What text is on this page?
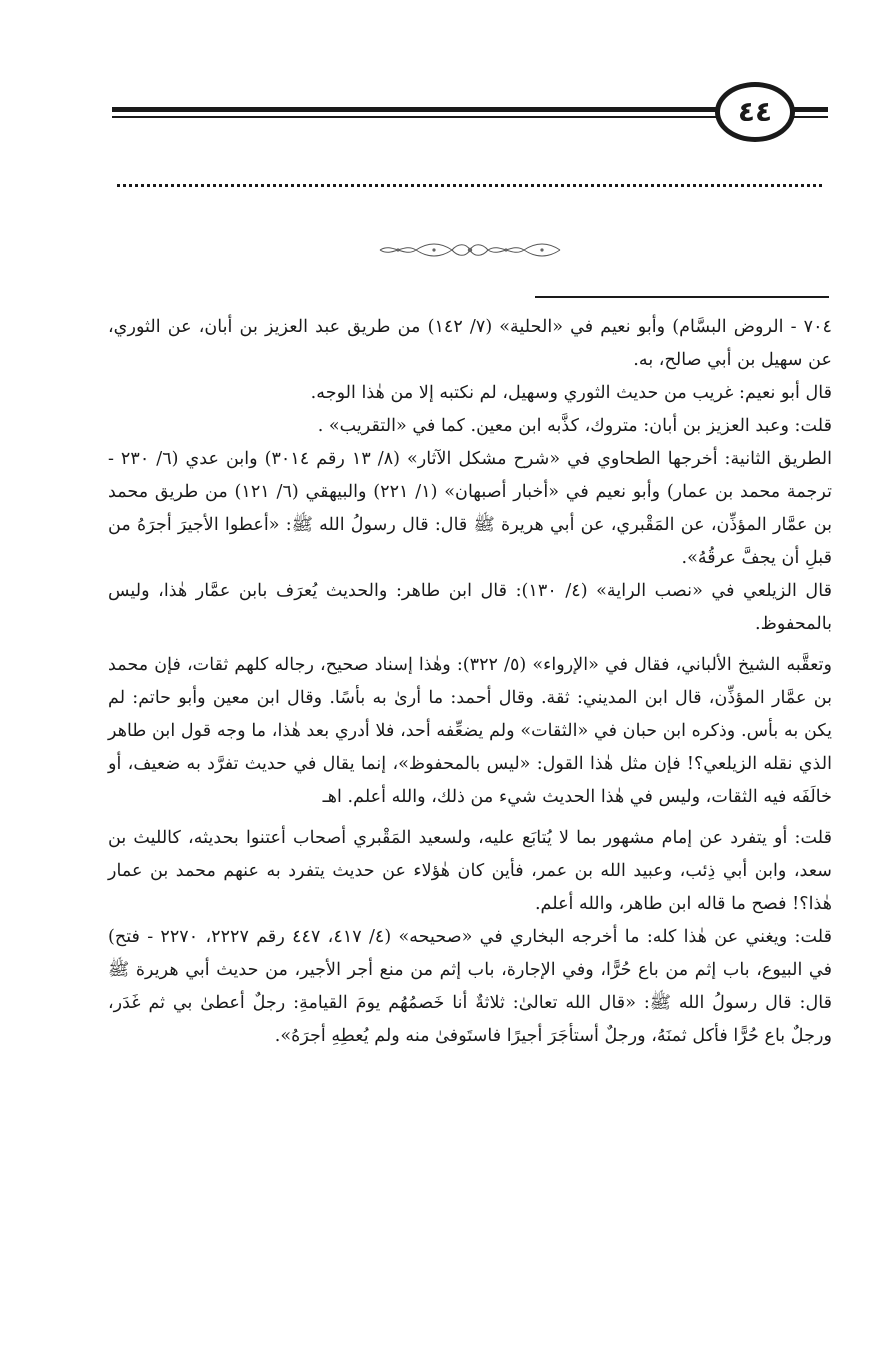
٤٤

٧٠٤ - الروض البسَّام) وأبو نعيم في «الحلية» (٧/ ١٤٢) من طريق عبد العزيز بن أبان، عن الثوري، عن سهيل بن أبي صالح، به.

قال أبو نعيم: غريب من حديث الثوري وسهيل، لم نكتبه إلا من هٰذا الوجه.

قلت: وعبد العزيز بن أبان: متروك، كذَّبه ابن معين. كما في «التقريب» .

الطريق الثانية: أخرجها الطحاوي في «شرح مشكل الآثار» (٨/ ١٣ رقم ٣٠١٤) وابن عدي (٦/ ٢٣٠ - ترجمة محمد بن عمار) وأبو نعيم في «أخبار أصبهان» (١/ ٢٢١) والبيهقي (٦/ ١٢١) من طريق محمد بن عمَّار المؤذِّن، عن المَقْبري، عن أبي هريرة ﷺ قال: قال رسولُ الله ﷺ: «أعطوا الأجيرَ أجرَهُ من قبلِ أن يجفَّ عرقُهُ».

قال الزيلعي في «نصب الراية» (٤/ ١٣٠): قال ابن طاهر: والحديث يُعرَف بابن عمَّار هٰذا، وليس بالمحفوظ.

وتعقَّبه الشيخ الألباني، فقال في «الإرواء» (٥/ ٣٢٢): وهٰذا إسناد صحيح، رجاله كلهم ثقات، فإن محمد بن عمَّار المؤذِّن، قال ابن المديني: ثقة. وقال أحمد: ما أرىٰ به بأسًا. وقال ابن معين وأبو حاتم: لم يكن به بأس. وذكره ابن حبان في «الثقات» ولم يضعِّفه أحد، فلا أدري بعد هٰذا، ما وجه قول ابن طاهر الذي نقله الزيلعي؟! فإن مثل هٰذا القول: «ليس بالمحفوظ»، إنما يقال في حديث تفرَّد به ضعيف، أو خالَفَه فيه الثقات، وليس في هٰذا الحديث شيء من ذلك، والله أعلم. اهـ

قلت: أو يتفرد عن إمام مشهور بما لا يُتابَع عليه، ولسعيد المَقْبري أصحاب أعتنوا بحديثه، كالليث بن سعد، وابن أبي ذِئب، وعبيد الله بن عمر، فأين كان هٰؤلاء عن حديث يتفرد به عنهم محمد بن عمار هٰذا؟! فصح ما قاله ابن طاهر، والله أعلم.

قلت: ويغني عن هٰذا كله: ما أخرجه البخاري في «صحيحه» (٤/ ٤١٧، ٤٤٧ رقم ٢٢٢٧، ٢٢٧٠ - فتح) في البيوع، باب إثم من باع حُرًّا، وفي الإجارة، باب إثم من منع أجر الأجير، من حديث أبي هريرة ﷺ قال: قال رسولُ الله ﷺ: «قال الله تعالىٰ: ثلاثةٌ أنا خَصمُهُم يومَ القيامةِ: رجلٌ أعطىٰ بي ثم غَدَر، ورجلٌ باع حُرًّا فأكل ثمنَهُ، ورجلٌ أستأجَرَ أجيرًا فاستَوفىٰ منه ولم يُعطِهِ أجرَهُ».
